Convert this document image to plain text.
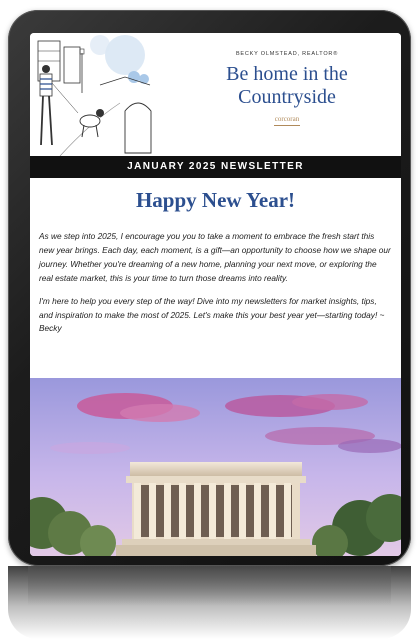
BECKY OLMSTEAD, REALTOR®
Be home in the
Countryside
corcoran
JANUARY 2025 NEWSLETTER
Happy New Year!

As we step into 2025, I encourage you you to take a moment to embrace the fresh start this new year brings. Each day, each moment, is a gift—an opportunity to choose how we shape our journey. Whether you're dreaming of a new home, planning your next move, or exploring the real estate market, this is your time to turn those dreams into reality.

I'm here to help you every step of the way! Dive into my newsletters for market insights, tips, and inspiration to make the most of 2025. Let's make this your best year yet—starting today! ~ Becky
